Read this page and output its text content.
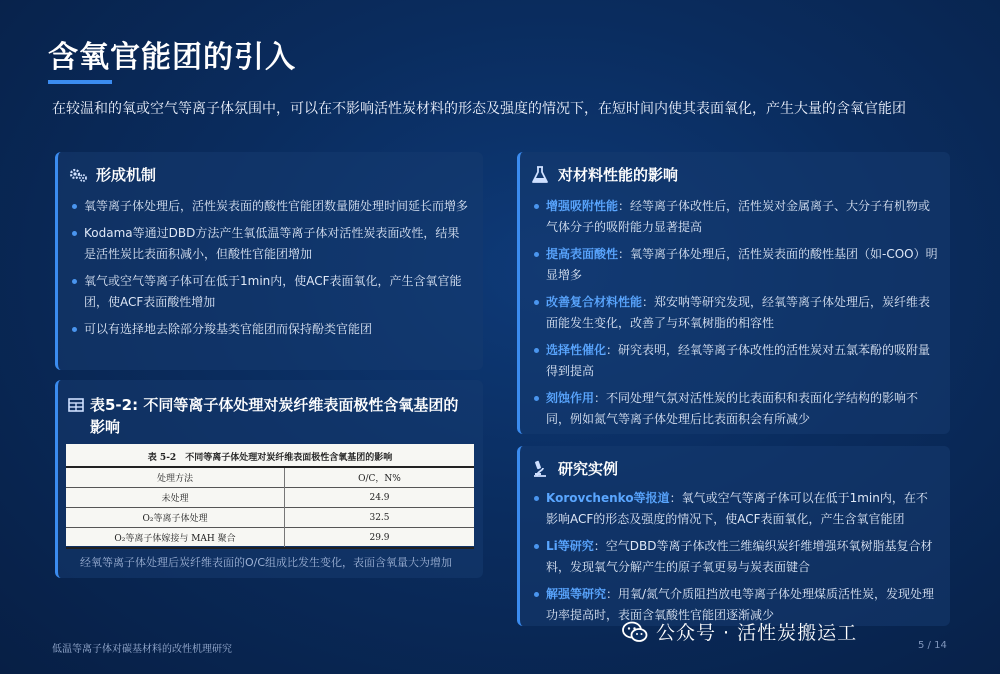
含氧官能团的引入
在较温和的氧或空气等离子体氛围中，可以在不影响活性炭材料的形态及强度的情况下，在短时间内使其表面氧化，产生大量的含氧官能团
形成机制
氧等离子体处理后，活性炭表面的酸性官能团数量随处理时间延长而增多
Kodama等通过DBD方法产生氧低温等离子体对活性炭表面改性，结果是活性炭比表面积减小，但酸性官能团增加
氧气或空气等离子体可在低于1min内，使ACF表面氧化，产生含氧官能团，使ACF表面酸性增加
可以有选择地去除部分羧基类官能团而保持酚类官能团
表5-2: 不同等离子体处理对炭纤维表面极性含氧基团的影响
表 5-2　不同等离子体处理对炭纤维表面极性含氧基团的影响
处理方法	O/C，N%
未处理	24.9
O₂等离子体处理	32.5
O₂等离子体嫁接与 MAH 聚合	29.9
经氧等离子体处理后炭纤维表面的O/C组成比发生变化，表面含氧量大为增加
对材料性能的影响
增强吸附性能：经等离子体改性后，活性炭对金属离子、大分子有机物或气体分子的吸附能力显著提高
提高表面酸性：氧等离子体处理后，活性炭表面的酸性基团（如-COO）明显增多
改善复合材料性能：郑安呐等研究发现，经氧等离子体处理后，炭纤维表面能发生变化，改善了与环氧树脂的相容性
选择性催化：研究表明，经氧等离子体改性的活性炭对五氯苯酚的吸附量得到提高
刻蚀作用：不同处理气氛对活性炭的比表面积和表面化学结构的影响不同，例如氮气等离子体处理后比表面积会有所减少
研究实例
Korovchenko等报道：氧气或空气等离子体可以在低于1min内，在不影响ACF的形态及强度的情况下，使ACF表面氧化，产生含氧官能团
Li等研究：空气DBD等离子体改性三维编织炭纤维增强环氧树脂基复合材料，发现氧气分解产生的原子氧更易与炭表面键合
解强等研究：用氧/氮气介质阻挡放电等离子体处理煤质活性炭，发现处理功率提高时，表面含氧酸性官能团逐渐减少
低温等离子体对碳基材料的改性机理研究	5 / 14
公众号 · 活性炭搬运工
